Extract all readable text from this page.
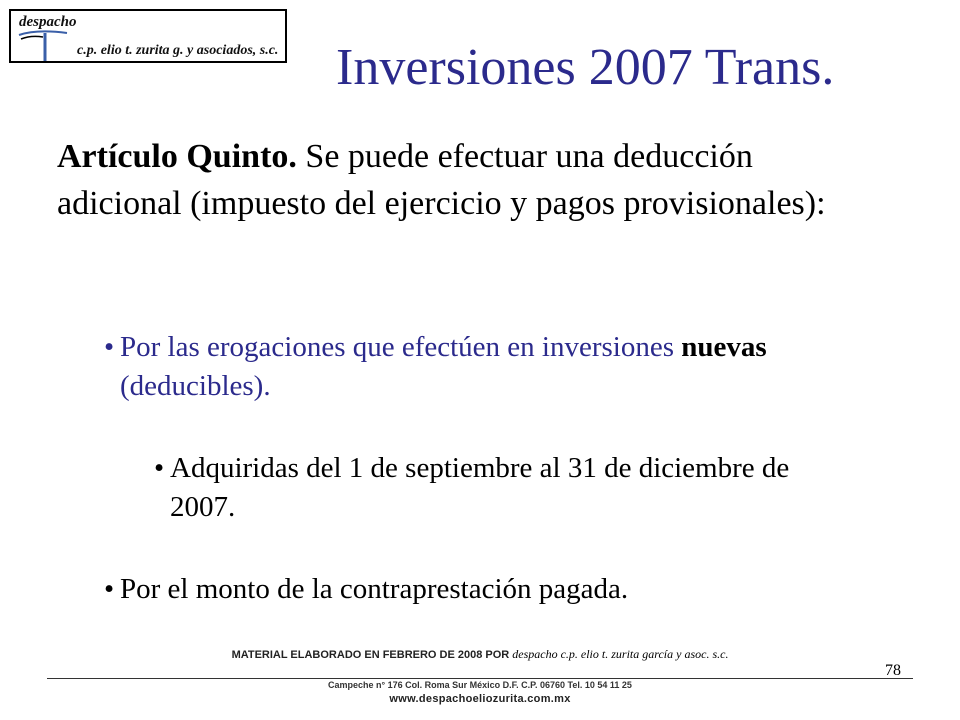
despacho
c.p. elio t. zurita g. y asociados, s.c. Inversiones 2007 Trans.
Artículo Quinto. Se puede efectuar una deducción adicional (impuesto del ejercicio y pagos provisionales):
• Por las erogaciones que efectúen en inversiones nuevas (deducibles).
• Adquiridas del 1 de septiembre al 31 de diciembre de 2007.
• Por el monto de la contraprestación pagada.
MATERIAL ELABORADO EN FEBRERO DE 2008 POR despacho c.p. elio t. zurita garcía y asoc. s.c.
78
Campeche n° 176 Col. Roma Sur México D.F. C.P. 06760 Tel. 10 54 11 25
www.despachoeliozurita.com.mx
